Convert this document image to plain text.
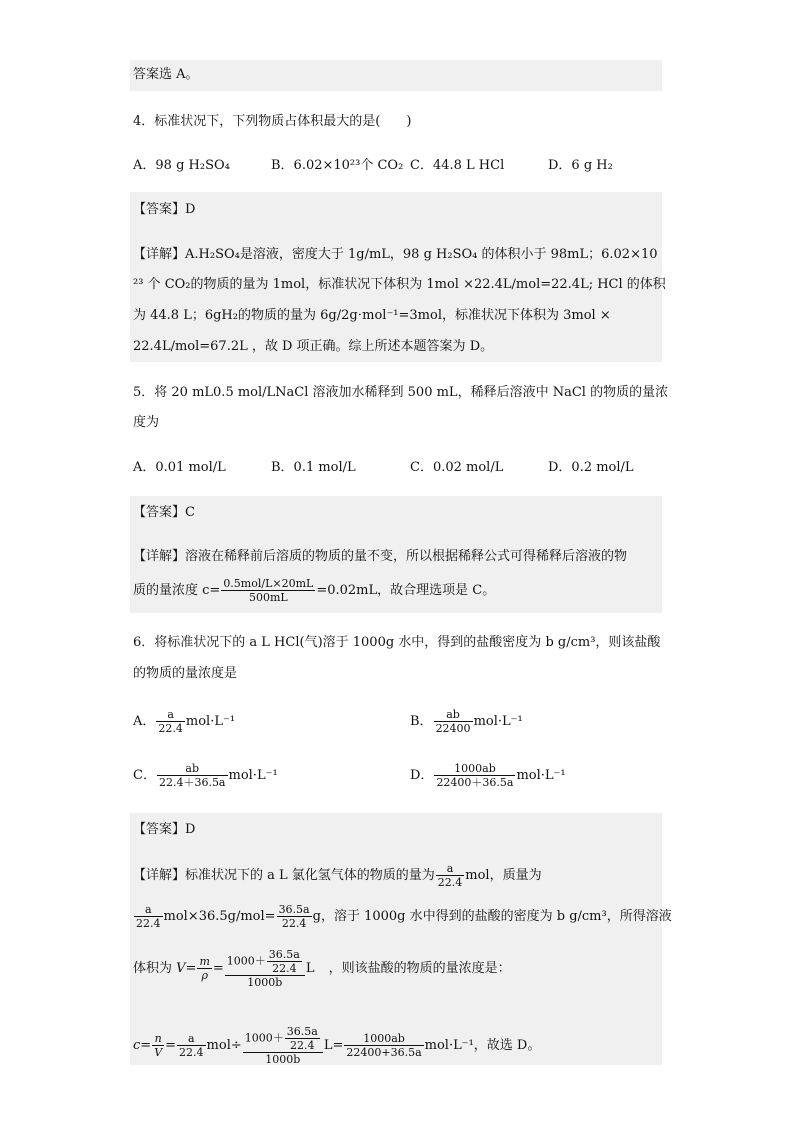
答案选 A。
4．标准状况下，下列物质占体积最大的是(　　)
A．98 g H₂SO₄	B．6.02×10²³个 CO₂ C．44.8 L HCl	D．6 g H₂
【答案】D
【详解】A.H₂SO₄是溶液，密度大于 1g/mL，98 g H₂SO₄ 的体积小于 98mL；6.02×10
²³ 个 CO₂的物质的量为 1mol，标准状况下体积为 1mol ×22.4L/mol=22.4L; HCl 的体积
为 44.8 L；6gH₂的物质的量为 6g/2g⋅mol⁻¹=3mol，标准状况下体积为 3mol ×
22.4L/mol=67.2L ，故 D 项正确。综上所述本题答案为 D。
5．将 20 mL0.5 mol/LNaCl 溶液加水稀释到 500 mL，稀释后溶液中 NaCl 的物质的量浓
度为
A．0.01 mol/L	B．0.1 mol/L	C．0.02 mol/L	D．0.2 mol/L
【答案】C
【详解】溶液在稀释前后溶质的物质的量不变，所以根据稀释公式可得稀释后溶液的物
质的量浓度 $c= \frac{\text{0.5mol/L×20mL}}{500mL} =0.02mL$，故合理选项是 C。
6．将标准状况下的 a L HCl(气)溶于 1000g 水中，得到的盐酸密度为 b g/cm³，则该盐酸
的物质的量浓度是
A． $\frac{a}{22.4} mol\cdot L^{-1}$	B． $\frac{ab}{22400} mol\cdot L^{-1}$
C． $\frac{ab}{22.4+36.5a} mol\cdot L^{-1}$	D． $\frac{1000ab}{22400+36.5a} mol\cdot L^{-1}$
【答案】D
【详解】标准状况下的 a L 氯化氢气体的物质的量为 $\frac{a}{22.4}$ mol，质量为
$\frac{a}{22.4} mol\times 36.5g/mol= \frac{36.5a}{22.4}$ g，溶于 1000g 水中得到的盐酸的密度为 b g/cm³，所得溶液
体积为 $V= \frac{m}{\rho} = \frac{1000+ \frac{36.5a}{22.4}}{1000b}$ L ，则该盐酸的物质的量浓度是：
$c= \frac{n}{V} = \frac{a}{22.4} mol\div \frac{1000+ \frac{36.5a}{22.4}}{1000b} L= \frac{1000ab}{22400+36.5a} mol\cdot L^{-1}$，故选 D。
